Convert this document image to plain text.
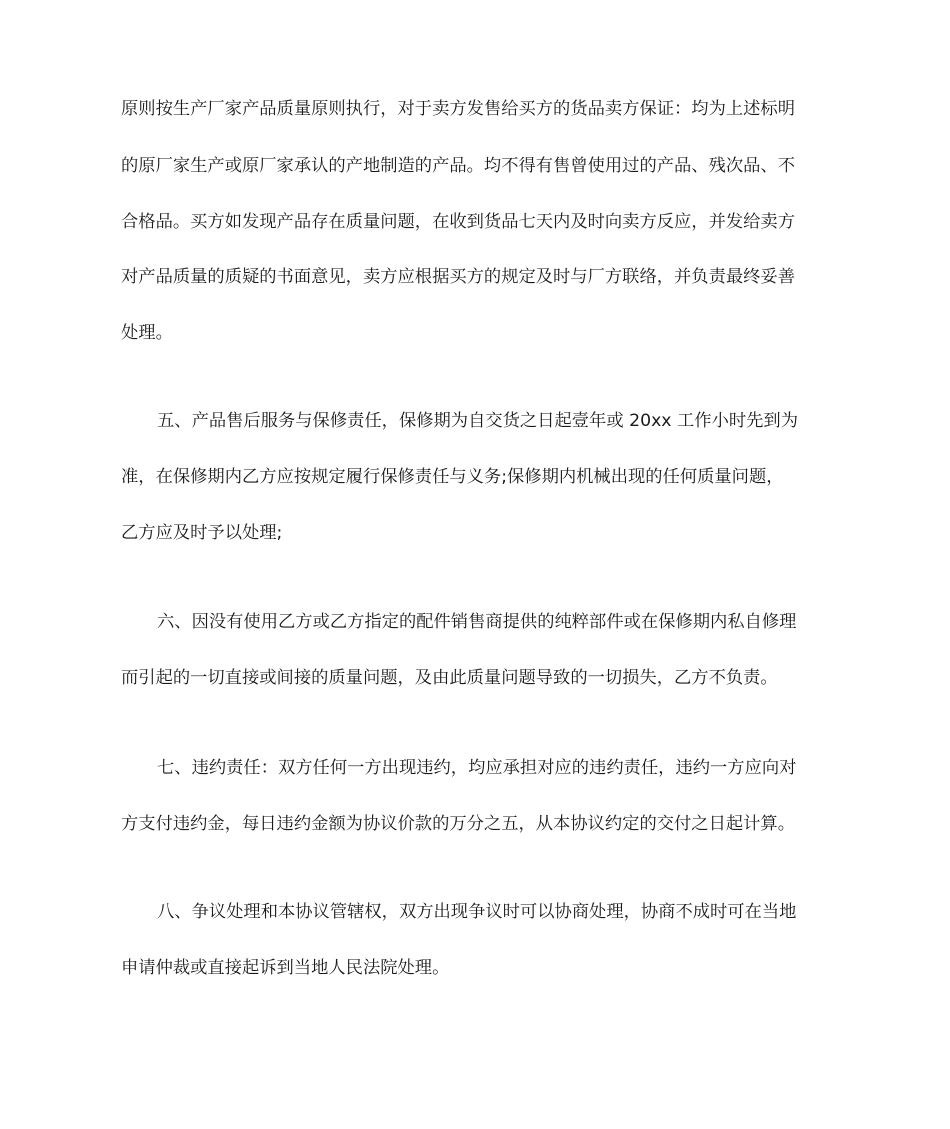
原则按生产厂家产品质量原则执行，对于卖方发售给买方的货品卖方保证：均为上述标明
的原厂家生产或原厂家承认的产地制造的产品。均不得有售曾使用过的产品、残次品、不
合格品。买方如发现产品存在质量问题，在收到货品七天内及时向卖方反应，并发给卖方
对产品质量的质疑的书面意见，卖方应根据买方的规定及时与厂方联络，并负责最终妥善
处理。
五、产品售后服务与保修责任，保修期为自交货之日起壹年或 20xx 工作小时先到为
准，在保修期内乙方应按规定履行保修责任与义务;保修期内机械出现的任何质量问题，
乙方应及时予以处理;
六、因没有使用乙方或乙方指定的配件销售商提供的纯粹部件或在保修期内私自修理
而引起的一切直接或间接的质量问题，及由此质量问题导致的一切损失，乙方不负责。
七、违约责任：双方任何一方出现违约，均应承担对应的违约责任，违约一方应向对
方支付违约金，每日违约金额为协议价款的万分之五，从本协议约定的交付之日起计算。
八、争议处理和本协议管辖权，双方出现争议时可以协商处理，协商不成时可在当地
申请仲裁或直接起诉到当地人民法院处理。
